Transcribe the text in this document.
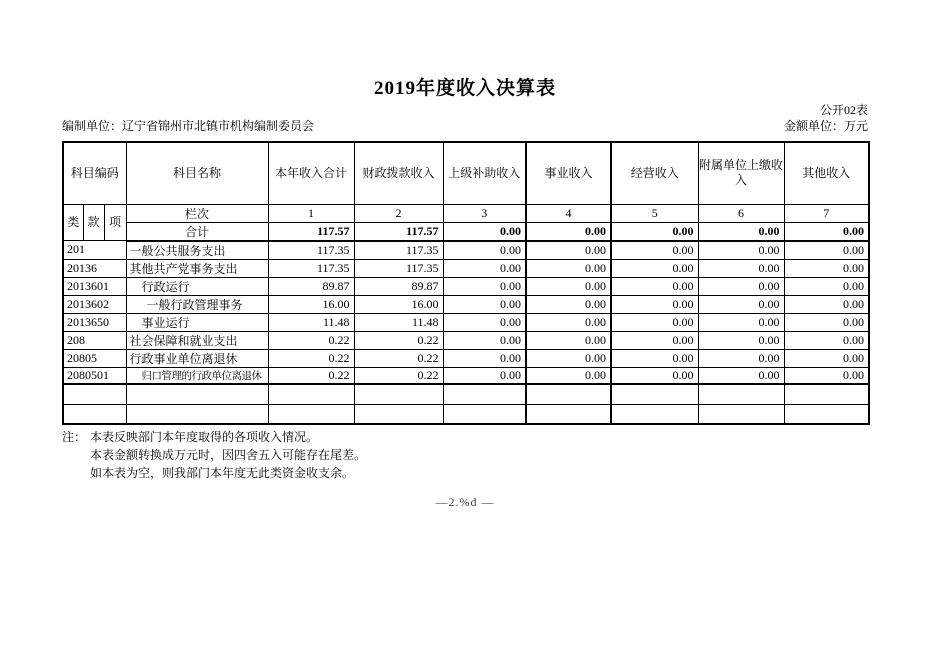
2019年度收入决算表
公开02表
编制单位：辽宁省锦州市北镇市机构编制委员会	金额单位：万元
科目编码			科目名称	本年收入合计	财政拨款收入	上级补助收入	事业收入	经营收入	附属单位上缴收入	其他收入
类	款	项	栏次	1	2	3	4	5	6	7
			合计	117.57	117.57	0.00	0.00	0.00	0.00	0.00
201			一般公共服务支出	117.35	117.35	0.00	0.00	0.00	0.00	0.00
20136			其他共产党事务支出	117.35	117.35	0.00	0.00	0.00	0.00	0.00
2013601			行政运行	89.87	89.87	0.00	0.00	0.00	0.00	0.00
2013602			一般行政管理事务	16.00	16.00	0.00	0.00	0.00	0.00	0.00
2013650			事业运行	11.48	11.48	0.00	0.00	0.00	0.00	0.00
208			社会保障和就业支出	0.22	0.22	0.00	0.00	0.00	0.00	0.00
20805			行政事业单位离退休	0.22	0.22	0.00	0.00	0.00	0.00	0.00
2080501			归口管理的行政单位离退休	0.22	0.22	0.00	0.00	0.00	0.00	0.00

注： 本表反映部门本年度取得的各项收入情况。
本表金额转换成万元时，因四舍五入可能存在尾差。
如本表为空，则我部门本年度无此类资金收支余。
—2.%d —
